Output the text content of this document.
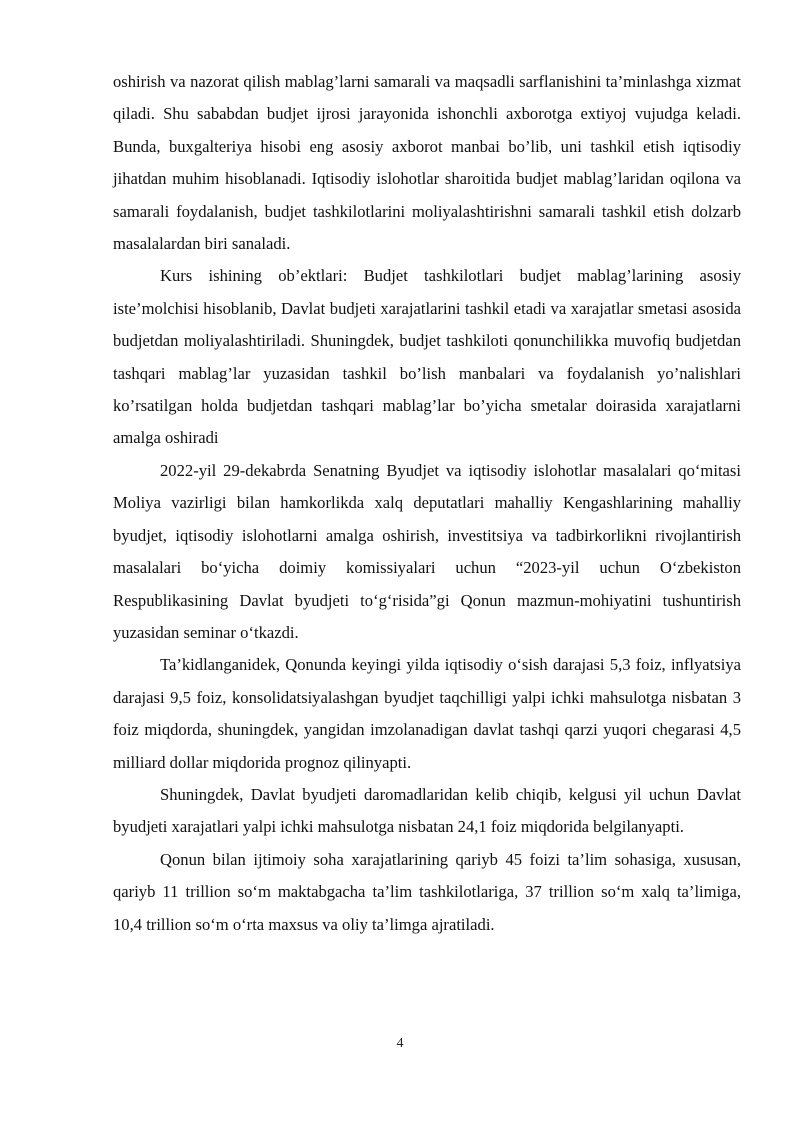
oshirish va nazorat qilish mablag’larni samarali va maqsadli sarflanishini ta’minlashga xizmat qiladi. Shu sababdan budjet ijrosi jarayonida ishonchli axborotga extiyoj vujudga keladi. Bunda, buxgalteriya hisobi eng asosiy axborot manbai bo’lib, uni tashkil etish iqtisodiy jihatdan muhim hisoblanadi. Iqtisodiy islohotlar sharoitida budjet mablag’laridan oqilona va samarali foydalanish, budjet tashkilotlarini moliyalashtirishni samarali tashkil etish dolzarb masalalardan biri sanaladi.

Kurs ishining ob’ektlari: Budjet tashkilotlari budjet mablag’larining asosiy iste’molchisi hisoblanib, Davlat budjeti xarajatlarini tashkil etadi va xarajatlar smetasi asosida budjetdan moliyalashtiriladi. Shuningdek, budjet tashkiloti qonunchilikka muvofiq budjetdan tashqari mablag’lar yuzasidan tashkil bo’lish manbalari va foydalanish yo’nalishlari ko’rsatilgan holda budjetdan tashqari mablag’lar bo’yicha smetalar doirasida xarajatlarni amalga oshiradi

2022-yil 29-dekabrda Senatning Byudjet va iqtisodiy islohotlar masalalari qo‘mitasi Moliya vazirligi bilan hamkorlikda xalq deputatlari mahalliy Kengashlarining mahalliy byudjet, iqtisodiy islohotlarni amalga oshirish, investitsiya va tadbirkorlikni rivojlantirish masalalari bo‘yicha doimiy komissiyalari uchun “2023-yil uchun O‘zbekiston Respublikasining Davlat byudjeti to‘g‘risida”gi Qonun mazmun-mohiyatini tushuntirish yuzasidan seminar o‘tkazdi.

Ta’kidlanganidek, Qonunda keyingi yilda iqtisodiy o‘sish darajasi 5,3 foiz, inflyatsiya darajasi 9,5 foiz, konsolidatsiyalashgan byudjet taqchilligi yalpi ichki mahsulotga nisbatan 3 foiz miqdorda, shuningdek, yangidan imzolanadigan davlat tashqi qarzi yuqori chegarasi 4,5 milliard dollar miqdorida prognoz qilinyapti.

Shuningdek, Davlat byudjeti daromadlaridan kelib chiqib, kelgusi yil uchun Davlat byudjeti xarajatlari yalpi ichki mahsulotga nisbatan 24,1 foiz miqdorida belgilanyapti.

Qonun bilan ijtimoiy soha xarajatlarining qariyb 45 foizi ta’lim sohasiga, xususan, qariyb 11 trillion so‘m maktabgacha ta’lim tashkilotlariga, 37 trillion so‘m xalq ta’limiga, 10,4 trillion so‘m o‘rta maxsus va oliy ta’limga ajratiladi.

4
